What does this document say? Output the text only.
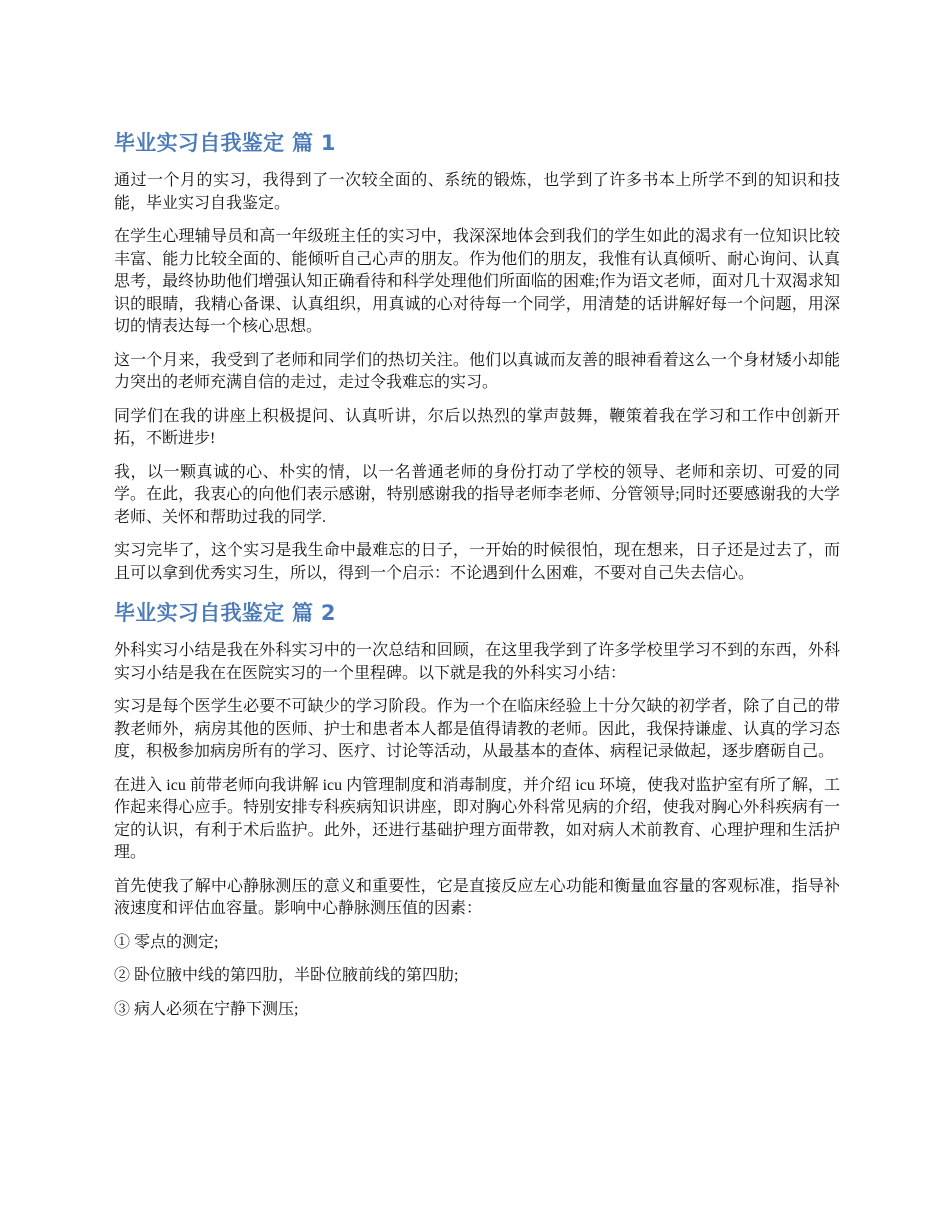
毕业实习自我鉴定 篇 1

通过一个月的实习，我得到了一次较全面的、系统的锻炼，也学到了许多书本上所学不到的知识和技能，毕业实习自我鉴定。

在学生心理辅导员和高一年级班主任的实习中，我深深地体会到我们的学生如此的渴求有一位知识比较丰富、能力比较全面的、能倾听自己心声的朋友。作为他们的朋友，我惟有认真倾听、耐心询问、认真思考，最终协助他们增强认知正确看待和科学处理他们所面临的困难;作为语文老师，面对几十双渴求知识的眼睛，我精心备课、认真组织，用真诚的心对待每一个同学，用清楚的话讲解好每一个问题，用深切的情表达每一个核心思想。

这一个月来，我受到了老师和同学们的热切关注。他们以真诚而友善的眼神看着这么一个身材矮小却能力突出的老师充满自信的走过，走过令我难忘的实习。

同学们在我的讲座上积极提问、认真听讲，尔后以热烈的掌声鼓舞，鞭策着我在学习和工作中创新开拓，不断进步!

我，以一颗真诚的心、朴实的情，以一名普通老师的身份打动了学校的领导、老师和亲切、可爱的同学。在此，我衷心的向他们表示感谢，特别感谢我的指导老师李老师、分管领导;同时还要感谢我的大学老师、关怀和帮助过我的同学.

实习完毕了，这个实习是我生命中最难忘的日子，一开始的时候很怕，现在想来，日子还是过去了，而且可以拿到优秀实习生，所以，得到一个启示：不论遇到什么困难，不要对自己失去信心。

毕业实习自我鉴定 篇 2

外科实习小结是我在外科实习中的一次总结和回顾，在这里我学到了许多学校里学习不到的东西，外科实习小结是我在在医院实习的一个里程碑。以下就是我的外科实习小结：

实习是每个医学生必要不可缺少的学习阶段。作为一个在临床经验上十分欠缺的初学者，除了自己的带教老师外，病房其他的医师、护士和患者本人都是值得请教的老师。因此，我保持谦虚、认真的学习态度，积极参加病房所有的学习、医疗、讨论等活动，从最基本的查体、病程记录做起，逐步磨砺自己。

在进入 icu 前带老师向我讲解 icu 内管理制度和消毒制度，并介绍 icu 环境，使我对监护室有所了解，工作起来得心应手。特别安排专科疾病知识讲座，即对胸心外科常见病的介绍，使我对胸心外科疾病有一定的认识，有利于术后监护。此外，还进行基础护理方面带教，如对病人术前教育、心理护理和生活护理。

首先使我了解中心静脉测压的意义和重要性，它是直接反应左心功能和衡量血容量的客观标准，指导补液速度和评估血容量。影响中心静脉测压值的因素：

① 零点的测定;

② 卧位腋中线的第四肋，半卧位腋前线的第四肋;

③ 病人必须在宁静下测压;
